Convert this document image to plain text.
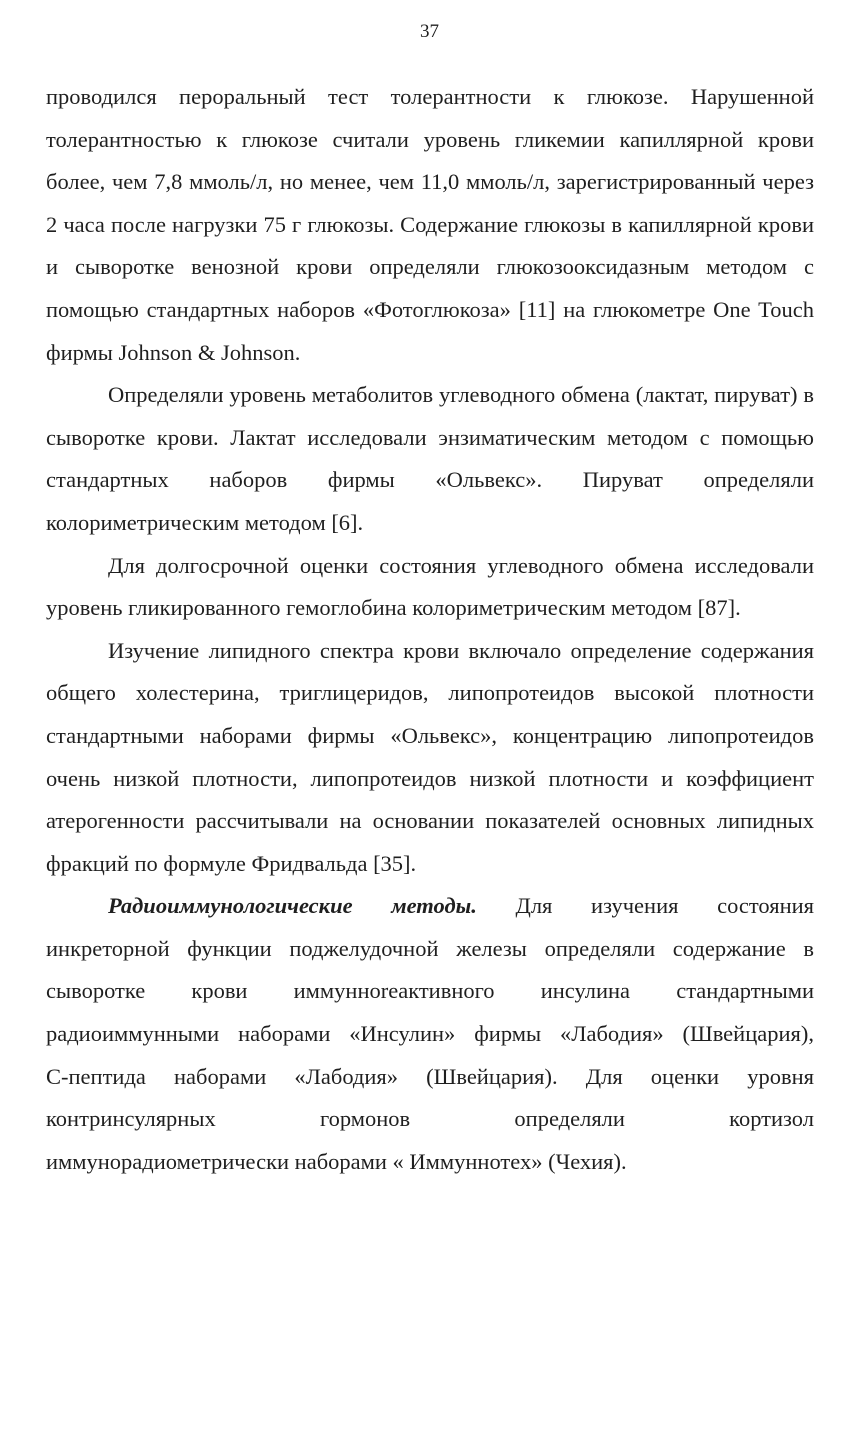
37

проводился пероральный тест толерантности к глюкозе. Нарушенной толерантностью к глюкозе считали уровень гликемии капиллярной крови более, чем 7,8 ммоль/л, но менее, чем 11,0 ммоль/л, зарегистрированный через 2 часа после нагрузки 75 г глюкозы. Содержание глюкозы в капиллярной крови и сыворотке венозной крови определяли глюкозооксидазным методом с помощью стандартных наборов «Фотоглюкоза» [11] на глюкометре One Touch фирмы Johnson & Johnson.

Определяли уровень метаболитов углеводного обмена (лактат, пируват) в сыворотке крови. Лактат исследовали энзиматическим методом с помощью стандартных наборов фирмы «Ольвекс». Пируват определяли колориметрическим методом [6].

Для долгосрочной оценки состояния углеводного обмена исследовали уровень гликированного гемоглобина колориметрическим методом [87].

Изучение липидного спектра крови включало определение содержания общего холестерина, триглицеридов, липопротеидов высокой плотности стандартными наборами фирмы «Ольвекс», концентрацию липопротеидов очень низкой плотности, липопротеидов низкой плотности и коэффициент атерогенности рассчитывали на основании показателей основных липидных фракций по формуле Фридвальда [35].

Радиоиммунологические методы. Для изучения состояния
инкреторной функции поджелудочной железы определяли содержание в
сыворотке крови иммунноreактивного инсулина стандартными
радиоиммунными наборами «Инсулин» фирмы «Лабодия» (Швейцария),
С-пептида наборами «Лабодия» (Швейцария). Для оценки уровня
контринсулярных гормонов определяли кортизол
иммунорадиометрически наборами « Иммуннотех» (Чехия).
